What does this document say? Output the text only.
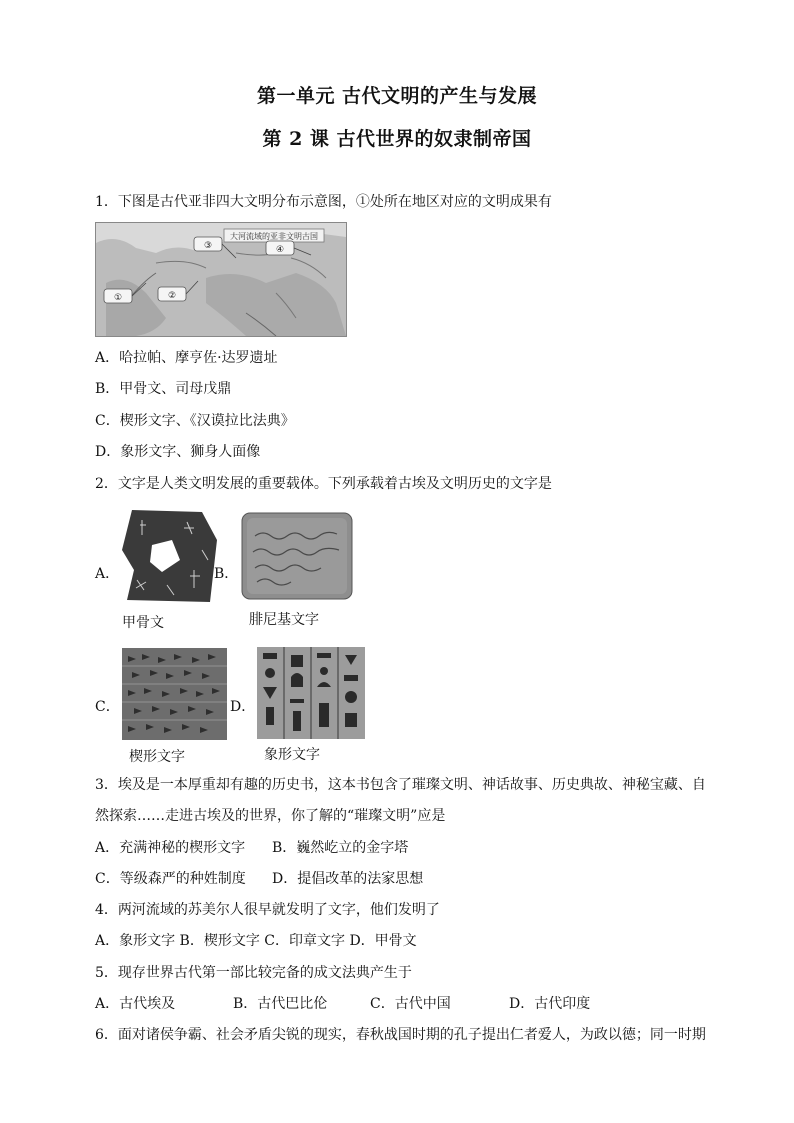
第一单元 古代文明的产生与发展
第 2 课 古代世界的奴隶制帝国
1．下图是古代亚非四大文明分布示意图，①处所在地区对应的文明成果有
大河流域的亚非文明古国
①	②
③	④
A．哈拉帕、摩亨佐·达罗遗址
B．甲骨文、司母戊鼎
C．楔形文字、《汉谟拉比法典》
D．象形文字、狮身人面像
2．文字是人类文明发展的重要载体。下列承载着古埃及文明历史的文字是
A．	B．
甲骨文	腓尼基文字
C．	D．
楔形文字	象形文字
3．埃及是一本厚重却有趣的历史书，这本书包含了璀璨文明、神话故事、历史典故、神秘宝藏、自
然探索……走进古埃及的世界，你了解的“璀璨文明”应是
A．充满神秘的楔形文字 B．巍然屹立的金字塔
C．等级森严的种姓制度 D．提倡改革的法家思想
4．两河流域的苏美尔人很早就发明了文字，他们发明了
A．象形文字 B．楔形文字 C．印章文字 D．甲骨文
5．现存世界古代第一部比较完备的成文法典产生于
A．古代埃及	B．古代巴比伦	C．古代中国	D．古代印度
6．面对诸侯争霸、社会矛盾尖锐的现实，春秋战国时期的孔子提出仁者爱人，为政以德；同一时期
